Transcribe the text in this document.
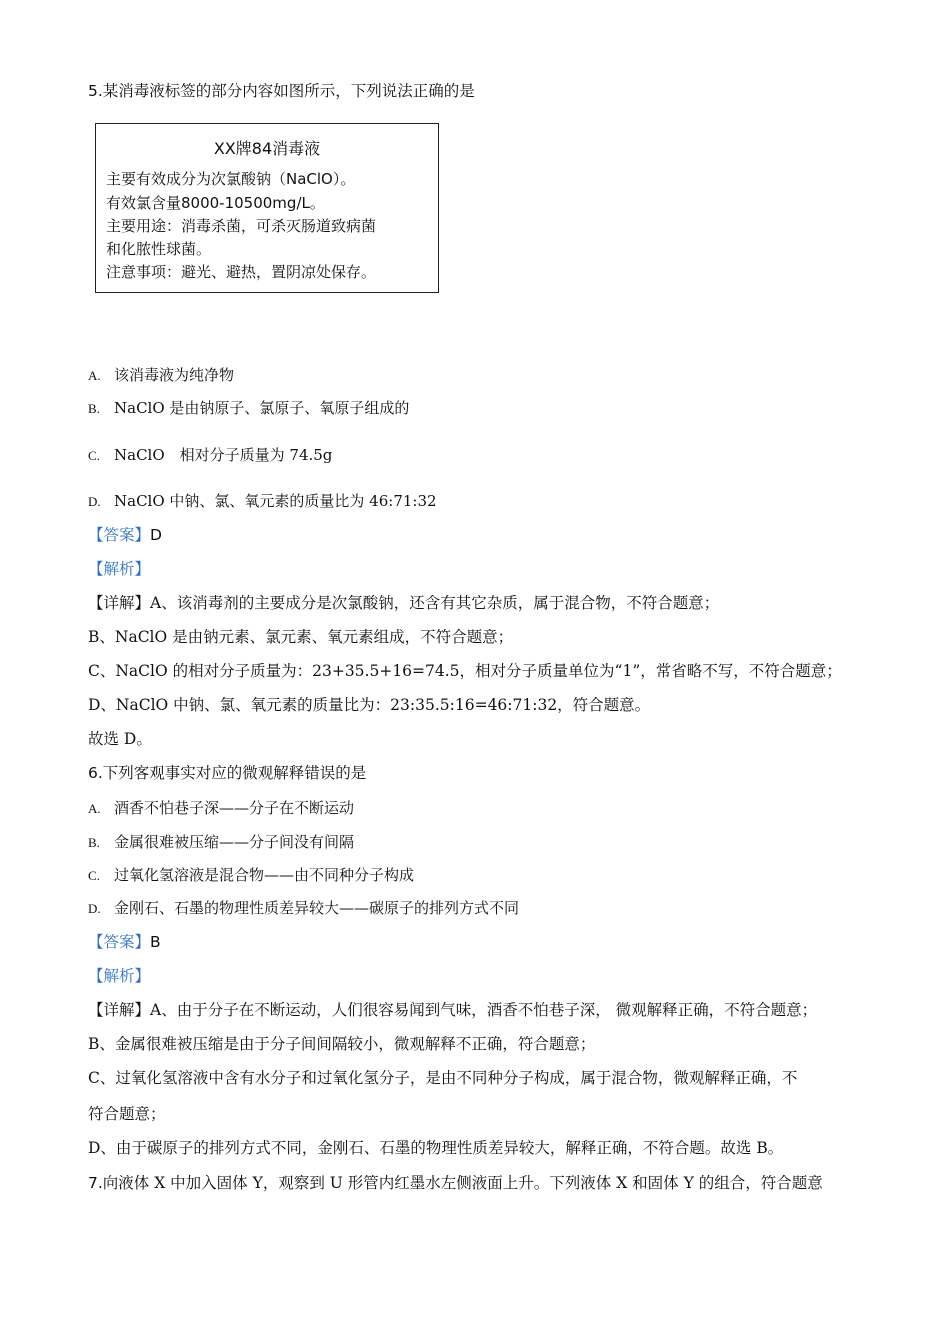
5.某消毒液标签的部分内容如图所示，下列说法正确的是
XX牌84消毒液
主要有效成分为次氯酸钠（NaClO）。
有效氯含量8000-10500mg/L。
主要用途：消毒杀菌，可杀灭肠道致病菌
和化脓性球菌。
注意事项：避光、避热，置阴凉处保存。
A. 该消毒液为纯净物
B. NaClO 是由钠原子、氯原子、氧原子组成的
C. NaClO　相对分子质量为 74.5g
D. NaClO 中钠、氯、氧元素的质量比为 46:71:32
【答案】D
【解析】
【详解】A、该消毒剂的主要成分是次氯酸钠，还含有其它杂质，属于混合物，不符合题意；
B、NaClO 是由钠元素、氯元素、氧元素组成，不符合题意；
C、NaClO 的相对分子质量为：23+35.5+16=74.5，相对分子质量单位为“1”，常省略不写，不符合题意；
D、NaClO 中钠、氯、氧元素的质量比为：23:35.5:16=46:71:32，符合题意。
故选 D。
6.下列客观事实对应的微观解释错误的是
A. 酒香不怕巷子深——分子在不断运动
B. 金属很难被压缩——分子间没有间隔
C. 过氧化氢溶液是混合物——由不同种分子构成
D. 金刚石、石墨的物理性质差异较大——碳原子的排列方式不同
【答案】B
【解析】
【详解】A、由于分子在不断运动，人们很容易闻到气味，酒香不怕巷子深， 微观解释正确，不符合题意；
B、金属很难被压缩是由于分子间间隔较小，微观解释不正确，符合题意；
C、过氧化氢溶液中含有水分子和过氧化氢分子，是由不同种分子构成，属于混合物，微观解释正确，不
符合题意；
D、由于碳原子的排列方式不同，金刚石、石墨的物理性质差异较大，解释正确，不符合题。故选 B。
7.向液体 X 中加入固体 Y，观察到 U 形管内红墨水左侧液面上升。下列液体 X 和固体 Y 的组合，符合题意
